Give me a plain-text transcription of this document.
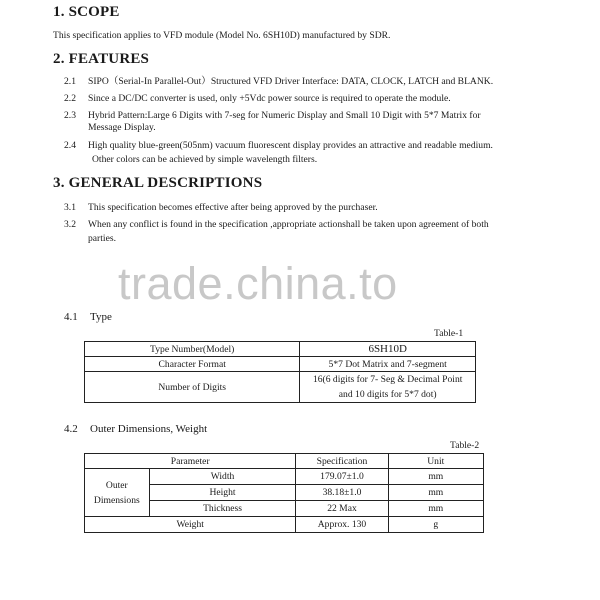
1. SCOPE
This specification applies to VFD module (Model No. 6SH10D) manufactured by SDR.
2. FEATURES
2.1 SIPO（Serial-In Parallel-Out）Structured VFD Driver Interface: DATA, CLOCK, LATCH and BLANK.
2.2 Since a DC/DC converter is used, only +5Vdc power source is required to operate the module.
2.3 Hybrid Pattern:Large 6 Digits with 7-seg for Numeric Display and Small 10 Digit with 5*7 Matrix for
Message Display.
2.4 High quality blue-green(505nm) vacuum fluorescent display provides an attractive and readable medium.
Other colors can be achieved by simple wavelength filters.
3. GENERAL DESCRIPTIONS
3.1 This specification becomes effective after being approved by the purchaser.
3.2 When any conflict is found in the specification ,appropriate actionshall be taken upon agreement of both
parties.
trade.china.to
4.1 Type
Table-1
Type Number(Model)	6SH10D
Character Format	5*7 Dot Matrix and 7-segment
Number of Digits	16(6 digits for 7- Seg & Decimal Point
and 10 digits for 5*7 dot)
4.2 Outer Dimensions, Weight
Table-2
Parameter		Specification	Unit

Outer
Dimensions	Width	179.07±1.0	mm
	Height	38.18±1.0	mm
	Thickness	22 Max	mm
Weight		Approx. 130	g
